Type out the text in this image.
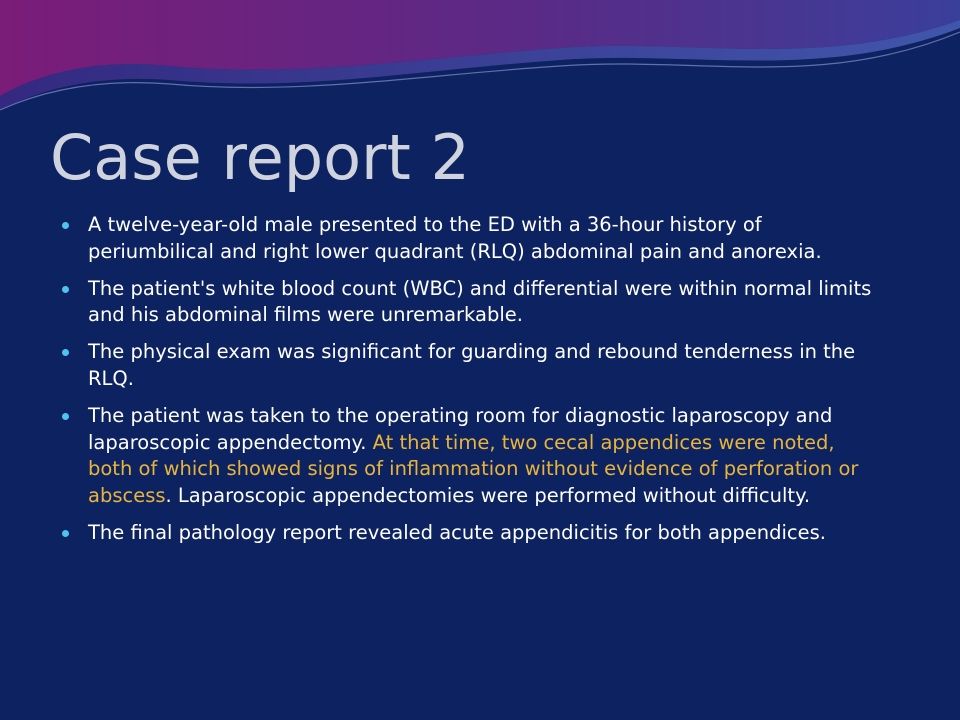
Case report 2
A twelve-year-old male presented to the ED with a 36-hour history of periumbilical and right lower quadrant (RLQ) abdominal pain and anorexia.
The patient's white blood count (WBC) and differential were within normal limits and his abdominal films were unremarkable.
The physical exam was significant for guarding and rebound tenderness in the RLQ.
The patient was taken to the operating room for diagnostic laparoscopy and laparoscopic appendectomy. At that time, two cecal appendices were noted, both of which showed signs of inflammation without evidence of perforation or abscess. Laparoscopic appendectomies were performed without difficulty.
The final pathology report revealed acute appendicitis for both appendices.
